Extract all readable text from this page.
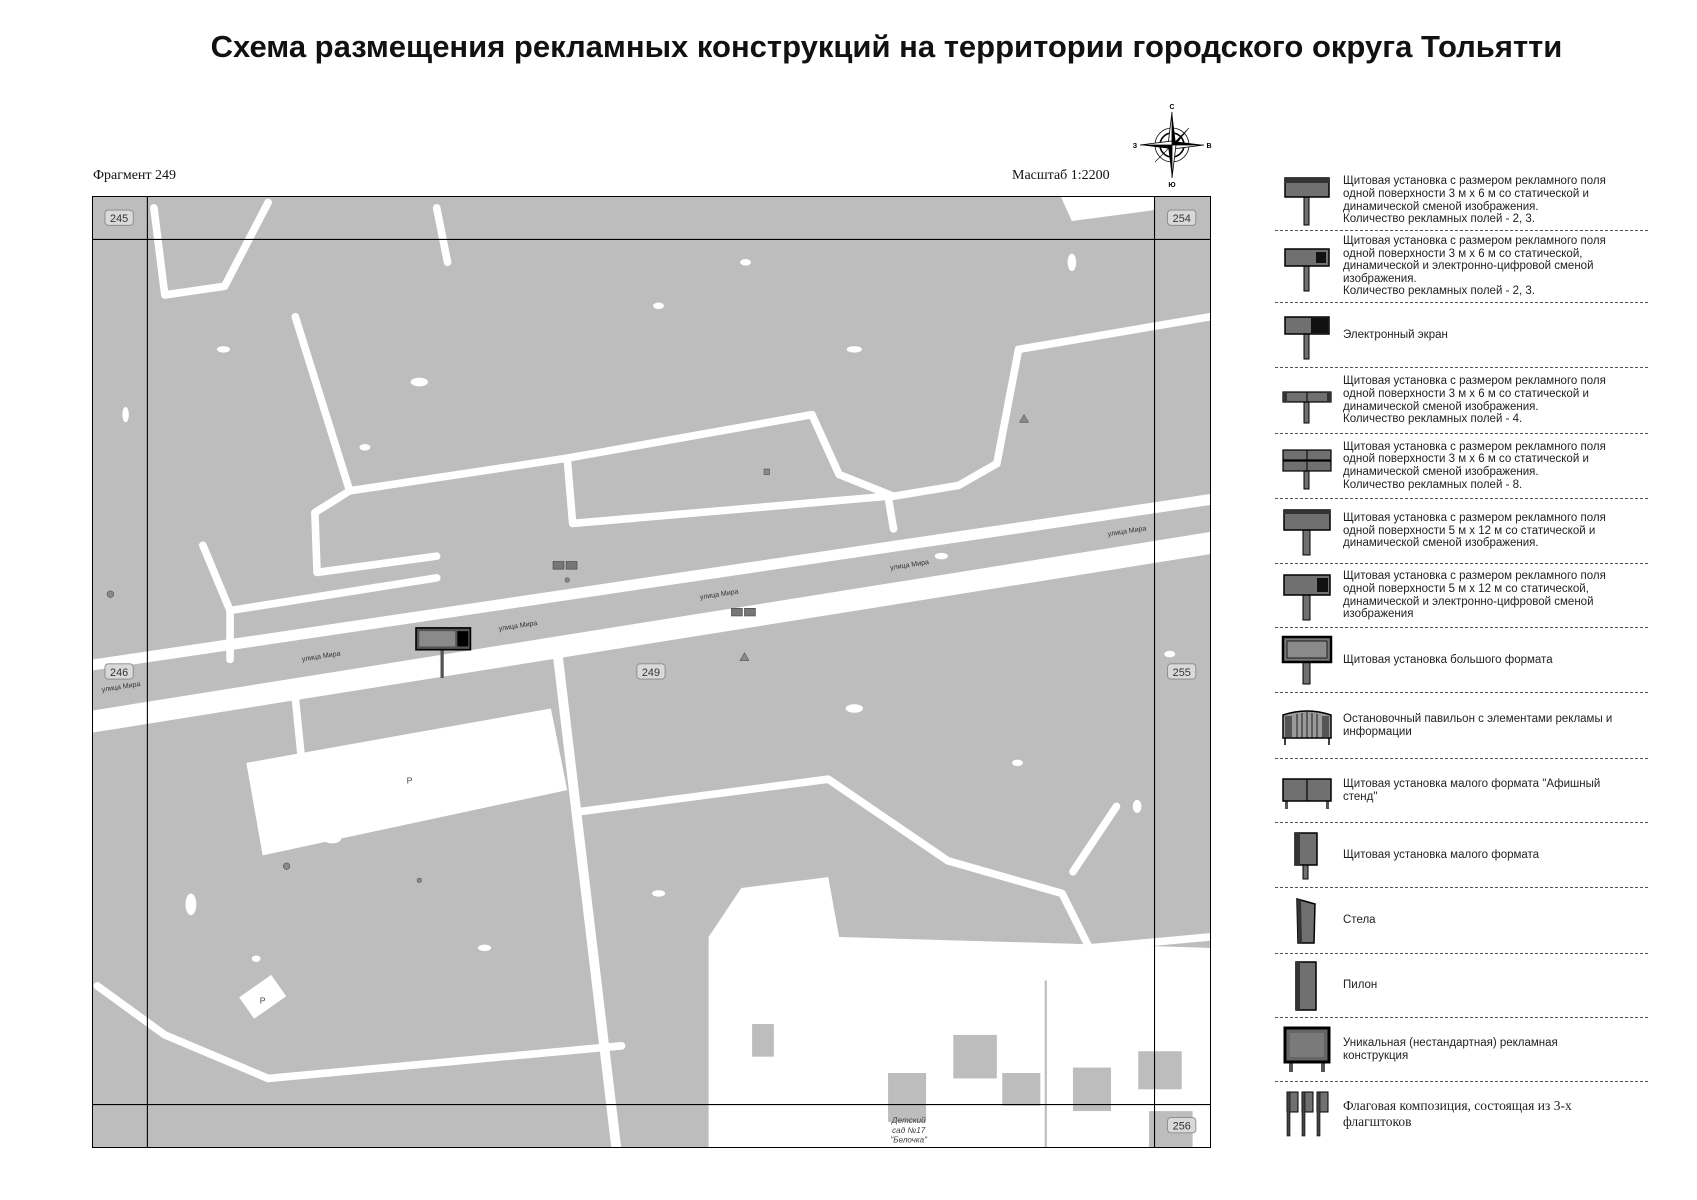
Схема размещения рекламных конструкций на территории городского округа Тольятти
Фрагмент 249	Масштаб 1:2200
С
В
Ю
З
улица Мира
улица Мира
улица Мира
улица Мира
улица Мира
улица Мира
Р
Р
Детский
сад №17
"Белочка"
245	254
246	249	255
256
Щитовая установка с размером рекламного поля
одной поверхности 3 м х 6 м со статической и
динамической сменой изображения.
Количество рекламных полей - 2, 3.
Щитовая установка с размером рекламного поля
одной поверхности 3 м х 6 м со статической,
динамической и электронно-цифровой сменой
изображения.
Количество рекламных полей - 2, 3.
Электронный экран
Щитовая установка с размером рекламного поля
одной поверхности 3 м х 6 м со статической и
динамической сменой изображения.
Количество рекламных полей - 4.
Щитовая установка с размером рекламного поля
одной поверхности 3 м х 6 м со статической и
динамической сменой изображения.
Количество рекламных полей - 8.
Щитовая установка с размером рекламного поля
одной поверхности 5 м х 12 м со статической и
динамической сменой изображения.
Щитовая установка с размером рекламного поля
одной поверхности 5 м х 12 м со статической,
динамической и электронно-цифровой сменой
изображения
Щитовая установка большого формата
Остановочный павильон с элементами рекламы и
информации
Щитовая установка малого формата "Афишный
стенд"
Щитовая установка малого формата
Стела
Пилон
Уникальная (нестандартная) рекламная
конструкция
Флаговая композиция, состоящая из 3-х
флагштоков
